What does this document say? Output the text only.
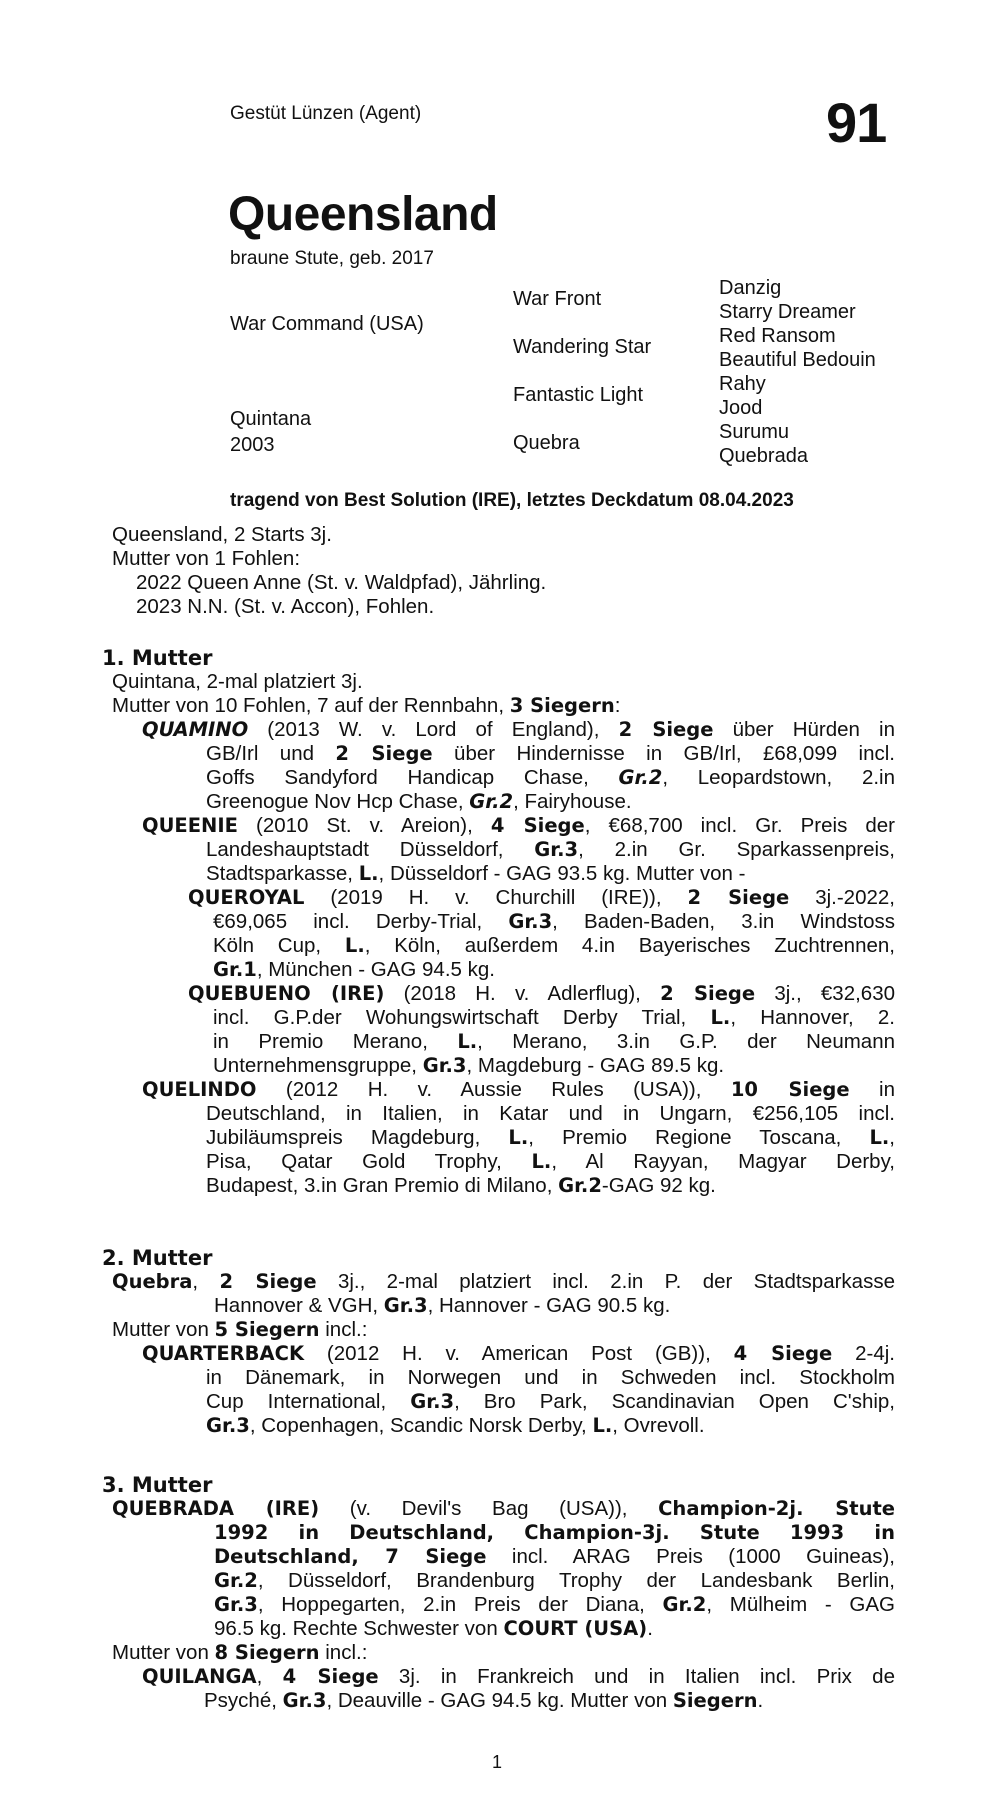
Gestüt Lünzen (Agent)	91
Queensland
braune Stute, geb. 2017
War Command (USA)
Quintana
2003
War Front
Wandering Star
Fantastic Light
Quebra
Danzig
Starry Dreamer
Red Ransom
Beautiful Bedouin
Rahy
Jood
Surumu
Quebrada
tragend von Best Solution (IRE), letztes Deckdatum 08.04.2023
Queensland, 2 Starts 3j.
Mutter von 1 Fohlen:
2022 Queen Anne (St. v. Waldpfad), Jährling.
2023 N.N. (St. v. Accon), Fohlen.
1. Mutter
Quintana, 2-mal platziert 3j.
Mutter von 10 Fohlen, 7 auf der Rennbahn, 3 Siegern:
QUAMINO (2013 W. v. Lord of England), 2 Siege über Hürden in
GB/Irl und 2 Siege über Hindernisse in GB/Irl, £68,099 incl.
Goffs Sandyford Handicap Chase, Gr.2, Leopardstown, 2.in
Greenogue Nov Hcp Chase, Gr.2, Fairyhouse.
QUEENIE (2010 St. v. Areion), 4 Siege, €68,700 incl. Gr. Preis der
Landeshauptstadt Düsseldorf, Gr.3, 2.in Gr. Sparkassenpreis,
Stadtsparkasse, L., Düsseldorf - GAG 93.5 kg. Mutter von -
QUEROYAL (2019 H. v. Churchill (IRE)), 2 Siege 3j.-2022,
€69,065 incl. Derby-Trial, Gr.3, Baden-Baden, 3.in Windstoss
Köln Cup, L., Köln, außerdem 4.in Bayerisches Zuchtrennen,
Gr.1, München - GAG 94.5 kg.
QUEBUENO (IRE) (2018 H. v. Adlerflug), 2 Siege 3j., €32,630
incl. G.P.der Wohungswirtschaft Derby Trial, L., Hannover, 2.
in Premio Merano, L., Merano, 3.in G.P. der Neumann
Unternehmensgruppe, Gr.3, Magdeburg - GAG 89.5 kg.
QUELINDO (2012 H. v. Aussie Rules (USA)), 10 Siege in
Deutschland, in Italien, in Katar und in Ungarn, €256,105 incl.
Jubiläumspreis Magdeburg, L., Premio Regione Toscana, L.,
Pisa, Qatar Gold Trophy, L., Al Rayyan, Magyar Derby,
Budapest, 3.in Gran Premio di Milano, Gr.2-GAG 92 kg.
2. Mutter
Quebra, 2 Siege 3j., 2-mal platziert incl. 2.in P. der Stadtsparkasse
Hannover & VGH, Gr.3, Hannover - GAG 90.5 kg.
Mutter von 5 Siegern incl.:
QUARTERBACK (2012 H. v. American Post (GB)), 4 Siege 2-4j.
in Dänemark, in Norwegen und in Schweden incl. Stockholm
Cup International, Gr.3, Bro Park, Scandinavian Open C'ship,
Gr.3, Copenhagen, Scandic Norsk Derby, L., Ovrevoll.
3. Mutter
QUEBRADA (IRE) (v. Devil's Bag (USA)), Champion-2j. Stute
1992 in Deutschland, Champion-3j. Stute 1993 in
Deutschland, 7 Siege incl. ARAG Preis (1000 Guineas),
Gr.2, Düsseldorf, Brandenburg Trophy der Landesbank Berlin,
Gr.3, Hoppegarten, 2.in Preis der Diana, Gr.2, Mülheim - GAG
96.5 kg. Rechte Schwester von COURT (USA).
Mutter von 8 Siegern incl.:
QUILANGA, 4 Siege 3j. in Frankreich und in Italien incl. Prix de
Psyché, Gr.3, Deauville - GAG 94.5 kg. Mutter von Siegern.
1
